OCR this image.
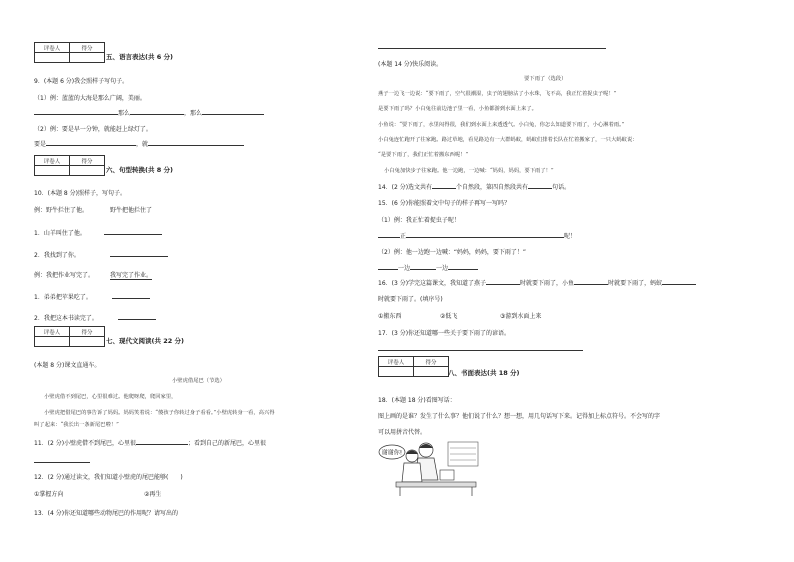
评卷人	得分

五、语言表达(共 6 分)
9．(本题 6 分)我会照样子写句子。
（1）例：蓝蓝的大海是那么广阔，美丽。
那么	，那么
（2）例：要是早一分钟，就能赶上绿灯了。
要是	，就
评卷人	得分

六、句型转换(共 8 分)
10．(本题 8 分)照样子，写句子。
例：野牛拦住了他。	野牛把他拦住了
1．山羊叫住了他。
2．我找到了你。
例：我把作业写完了。	我写完了作业。
1．弟弟把苹果吃了。
2．我把这本书读完了。
评卷人	得分

七、现代文阅读(共 22 分)
(本题 8 分)课文直通车。
小壁虎借尾巴（节选）
小壁虎借不到尾巴，心里很难过。他爬呀爬，爬回家里，
小壁虎把借尾巴的事告诉了妈妈。妈妈笑着说：“傻孩子你转过身子看看。”小壁虎转身一看，高兴得
叫了起来：“我长出一条新尾巴啦！”
11．(2 分)小壁虎借不到尾巴，心里很	；看到自己的新尾巴，心里很
12．(2 分)通过读文，我们知道小壁虎的尾巴能够(　　)
①掌握方向	②再生
13．(4 分)你还知道哪些动物尾巴的作用呢？请写出的
(本题 14 分)快乐阅读。
要下雨了（选段）
燕子一边飞一边说：“要下雨了，空气很潮湿，虫子的翅膀沾了小水珠，飞不高，我正忙着捉虫子呢！”
是要下雨了吗？小白兔往前边池子里一看，小鱼都游到水面上来了。
小鱼说：“要下雨了，水里闷得很，我们到水面上来透透气。小白兔，你怎么知道要下雨了，小心淋着雨。”
小白兔连忙跑开了往家跑。路过草地，看见路边有一大群蚂蚁，蚂蚁们排着长队在忙着搬家了，一只大蚂蚁说：
“是要下雨了，我们正忙着搬东西呢！”
小白兔加快步子往家跑。他一边跑，一边喊：“妈妈，妈妈，要下雨了！”
14．(2 分)选文共有	个自然段，第四自然段共有	句话。
15．(6 分)你能照着文中句子的样子再写一写吗？
（1）例：我正忙着捉虫子呢！
正	呢！
（2）例：他一边跑一边喊：“妈妈，妈妈，要下雨了！”
一边	一边
16．(3 分)学完这篇课文，我知道了燕子	时就要下雨了，小鱼	时就要下雨了，蚂蚁
时就要下雨了。(填序号)
①搬东西	②低飞	③游到水面上来
17．(3 分)你还知道哪一些关于要下雨了的谚语。
评卷人	得分

八、书面表达(共 18 分)
18．(本题 18 分)看图写话：
图上画的是谁？发生了什么事？他们说了什么？想一想，用几句话写下来。记得加上标点符号。不会写的字
可以用拼音代替。
谢谢你!
